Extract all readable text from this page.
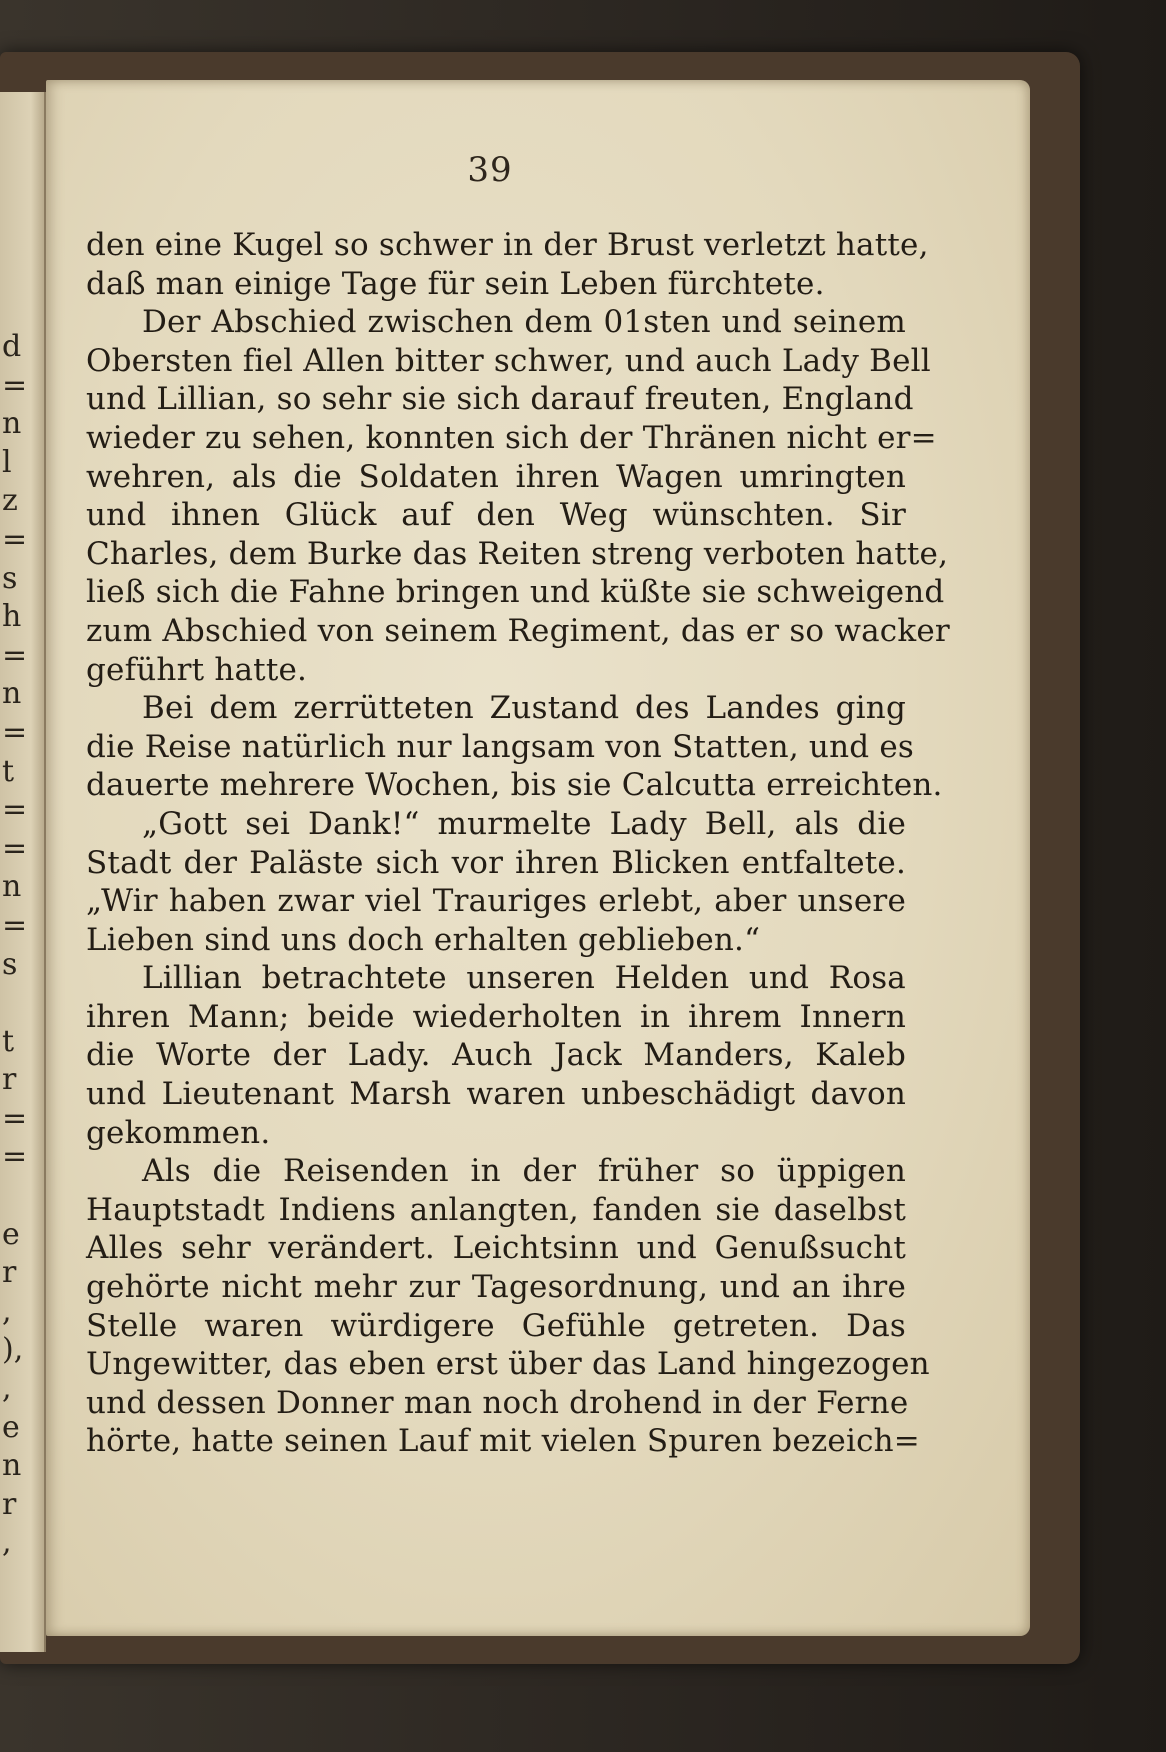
d
=
n
l
z
=
s
h
=
n
=
t
=
=
n
=
s
t
r
=
=
e
r
,
),
,
e
n
r
,
39
den eine Kugel so schwer in der Brust verletzt hatte,
daß man einige Tage für sein Leben fürchtete.
Der Abschied zwischen dem 01sten und seinem
Obersten fiel Allen bitter schwer, und auch Lady Bell
und Lillian, so sehr sie sich darauf freuten, England
wieder zu sehen, konnten sich der Thränen nicht er=
wehren, als die Soldaten ihren Wagen umringten
und ihnen Glück auf den Weg wünschten. Sir
Charles, dem Burke das Reiten streng verboten hatte,
ließ sich die Fahne bringen und küßte sie schweigend
zum Abschied von seinem Regiment, das er so wacker
geführt hatte.
Bei dem zerrütteten Zustand des Landes ging
die Reise natürlich nur langsam von Statten, und es
dauerte mehrere Wochen, bis sie Calcutta erreichten.
„Gott sei Dank!“ murmelte Lady Bell, als die
Stadt der Paläste sich vor ihren Blicken entfaltete.
„Wir haben zwar viel Trauriges erlebt, aber unsere
Lieben sind uns doch erhalten geblieben.“
Lillian betrachtete unseren Helden und Rosa
ihren Mann; beide wiederholten in ihrem Innern
die Worte der Lady. Auch Jack Manders, Kaleb
und Lieutenant Marsh waren unbeschädigt davon
gekommen.
Als die Reisenden in der früher so üppigen
Hauptstadt Indiens anlangten, fanden sie daselbst
Alles sehr verändert. Leichtsinn und Genußsucht
gehörte nicht mehr zur Tagesordnung, und an ihre
Stelle waren würdigere Gefühle getreten. Das
Ungewitter, das eben erst über das Land hingezogen
und dessen Donner man noch drohend in der Ferne
hörte, hatte seinen Lauf mit vielen Spuren bezeich=
